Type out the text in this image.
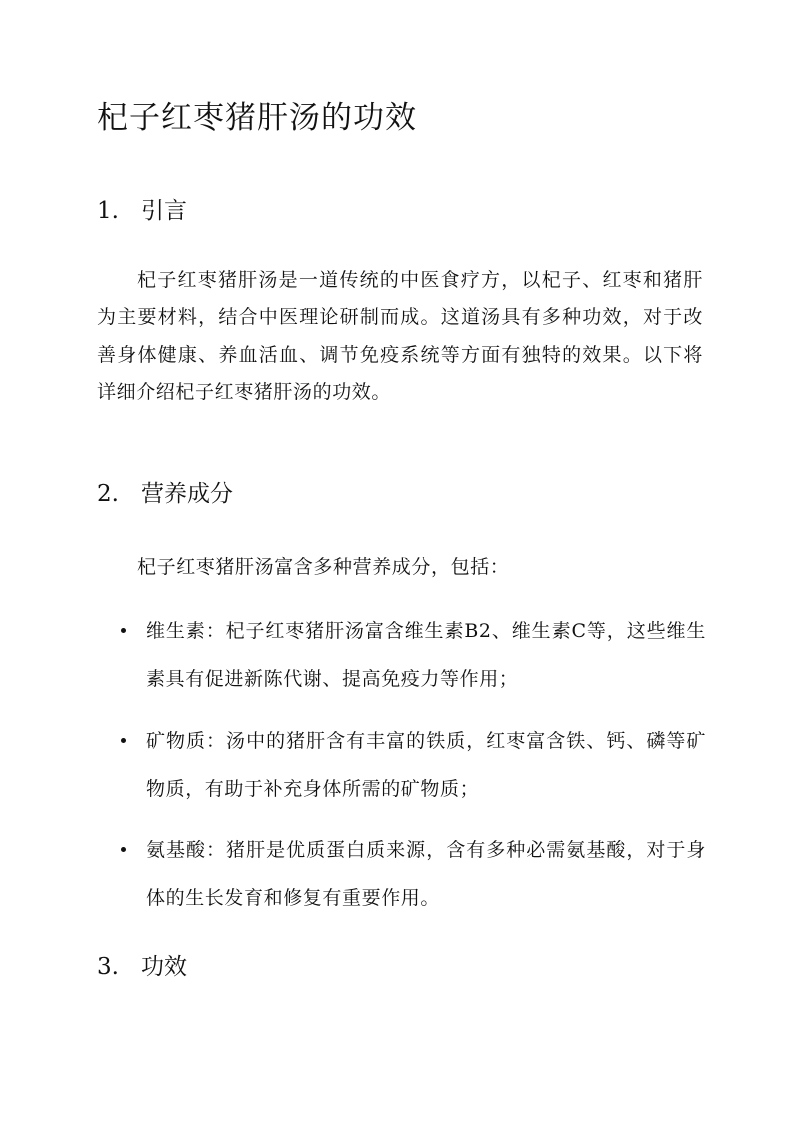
杞子红枣猪肝汤的功效
1. 引言

杞子红枣猪肝汤是一道传统的中医食疗方，以杞子、红枣和猪肝为主要材料，结合中医理论研制而成。这道汤具有多种功效，对于改善身体健康、养血活血、调节免疫系统等方面有独特的效果。以下将详细介绍杞子红枣猪肝汤的功效。

2. 营养成分

杞子红枣猪肝汤富含多种营养成分，包括：

维生素：杞子红枣猪肝汤富含维生素B2、维生素C等，这些维生素具有促进新陈代谢、提高免疫力等作用；
矿物质：汤中的猪肝含有丰富的铁质，红枣富含铁、钙、磷等矿物质，有助于补充身体所需的矿物质；
氨基酸：猪肝是优质蛋白质来源，含有多种必需氨基酸，对于身体的生长发育和修复有重要作用。
3. 功效
